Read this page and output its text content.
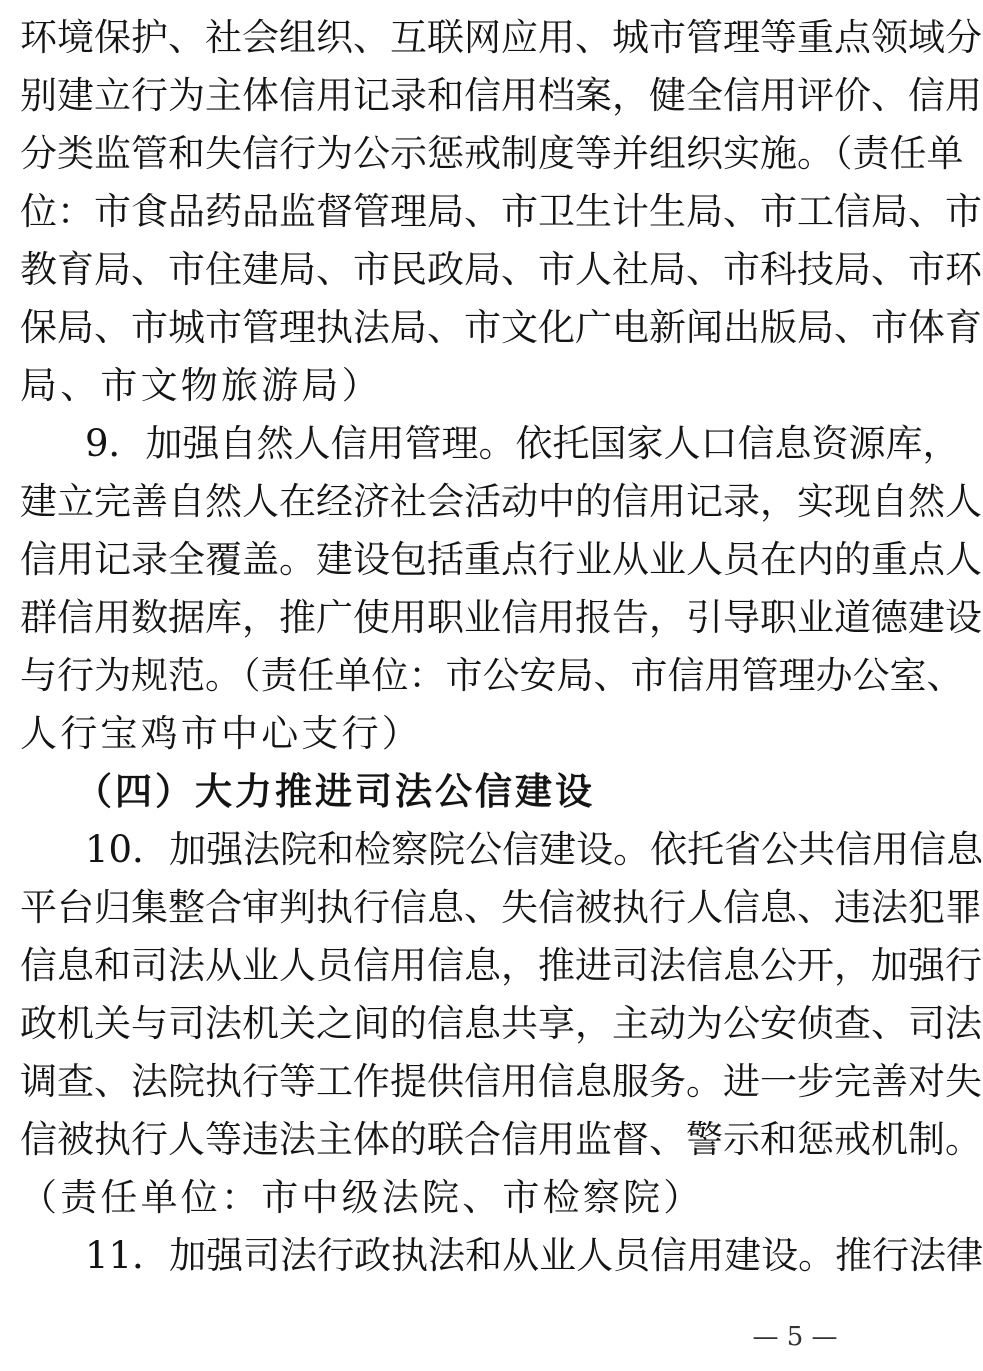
环境保护、社会组织、互联网应用、城市管理等重点领域分
别建立行为主体信用记录和信用档案，健全信用评价、信用
分类监管和失信行为公示惩戒制度等并组织实施。（责任单
位：市食品药品监督管理局、市卫生计生局、市工信局、市
教育局、市住建局、市民政局、市人社局、市科技局、市环
保局、市城市管理执法局、市文化广电新闻出版局、市体育
局、市文物旅游局）
9．加强自然人信用管理。依托国家人口信息资源库，
建立完善自然人在经济社会活动中的信用记录，实现自然人
信用记录全覆盖。建设包括重点行业从业人员在内的重点人
群信用数据库，推广使用职业信用报告，引导职业道德建设
与行为规范。（责任单位：市公安局、市信用管理办公室、
人行宝鸡市中心支行）
（四）大力推进司法公信建设
10．加强法院和检察院公信建设。依托省公共信用信息
平台归集整合审判执行信息、失信被执行人信息、违法犯罪
信息和司法从业人员信用信息，推进司法信息公开，加强行
政机关与司法机关之间的信息共享，主动为公安侦查、司法
调查、法院执行等工作提供信用信息服务。进一步完善对失
信被执行人等违法主体的联合信用监督、警示和惩戒机制。
（责任单位：市中级法院、市检察院）
11．加强司法行政执法和从业人员信用建设。推行法律
— 5 —
